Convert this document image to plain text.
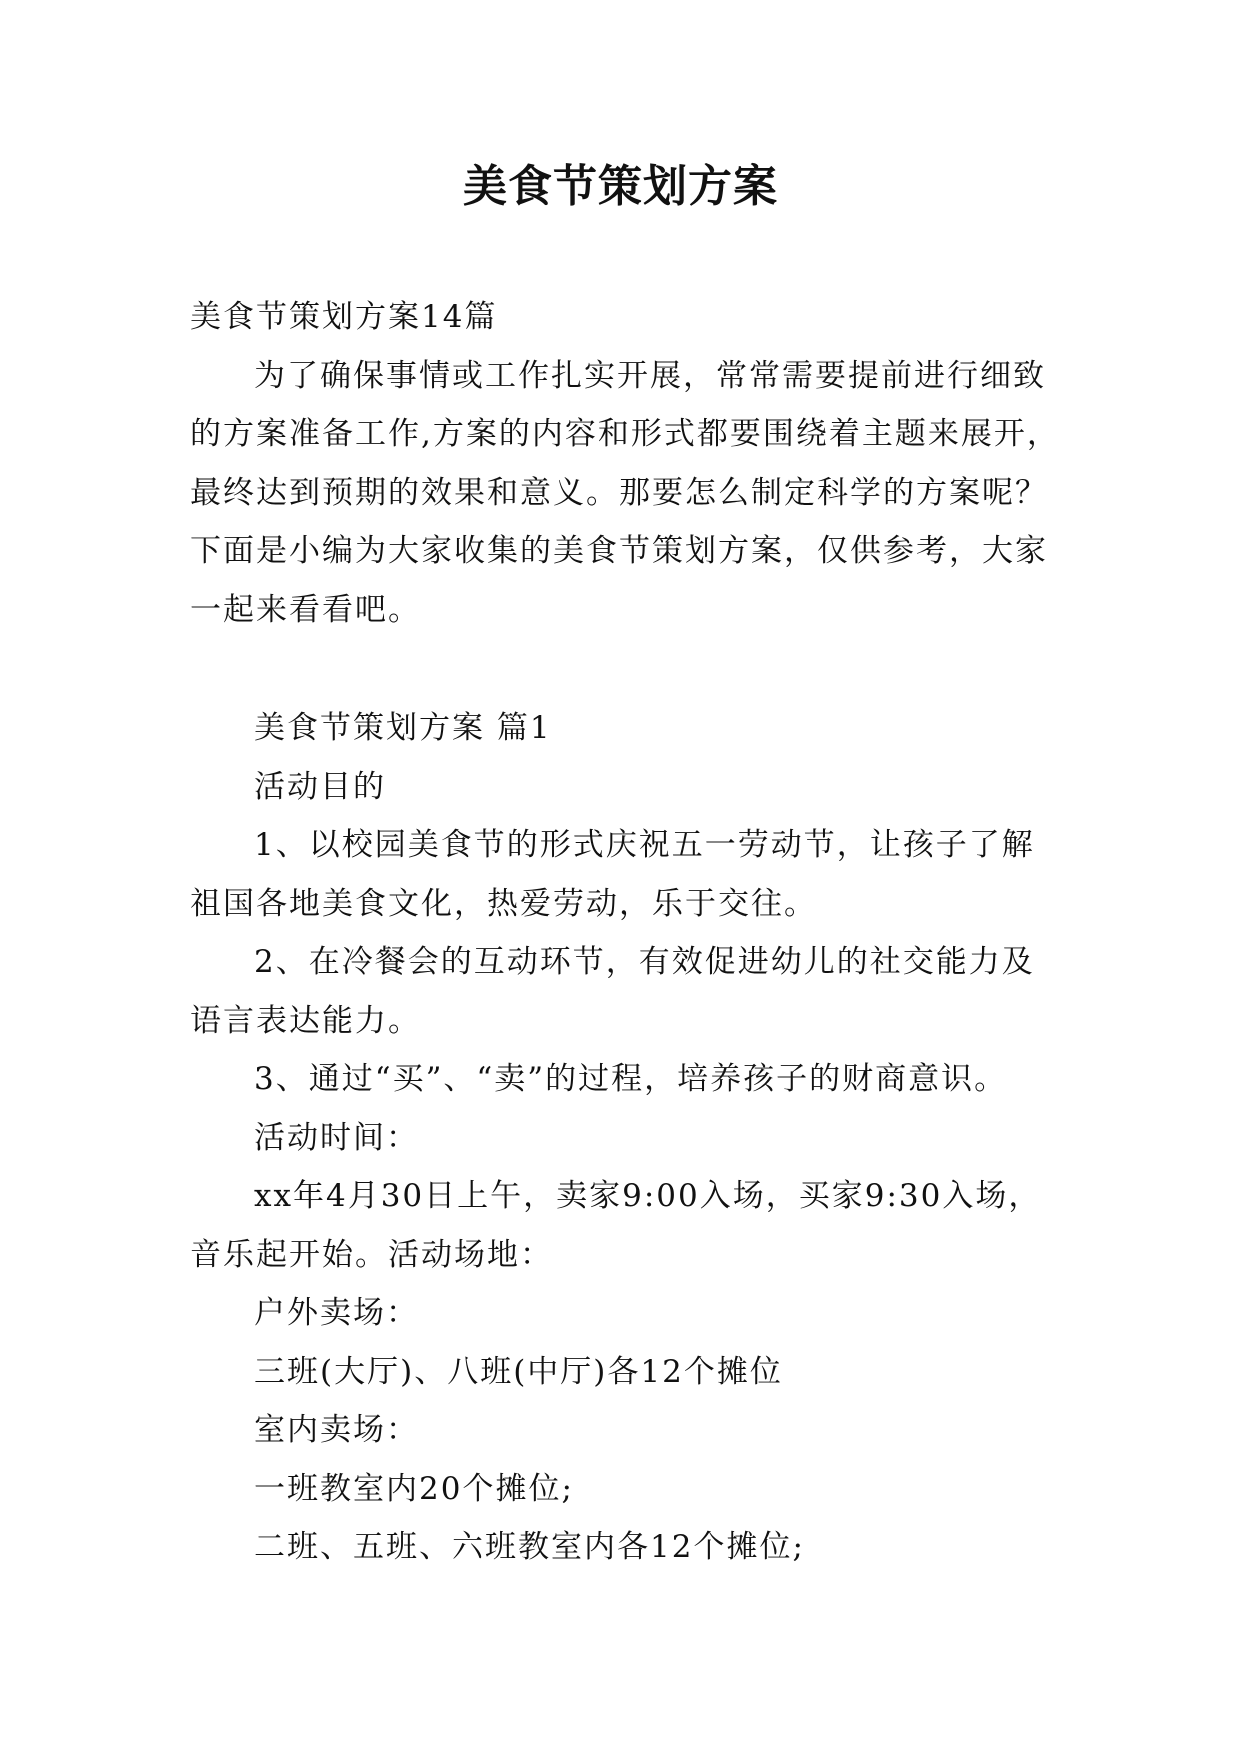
美食节策划方案

美食节策划方案14篇

为了确保事情或工作扎实开展，常常需要提前进行细致的方案准备工作,方案的内容和形式都要围绕着主题来展开，最终达到预期的效果和意义。那要怎么制定科学的方案呢？下面是小编为大家收集的美食节策划方案，仅供参考，大家一起来看看吧。

美食节策划方案 篇1

活动目的

1、以校园美食节的形式庆祝五一劳动节，让孩子了解祖国各地美食文化，热爱劳动，乐于交往。

2、在冷餐会的互动环节，有效促进幼儿的社交能力及语言表达能力。

3、通过“买”、“卖”的过程，培养孩子的财商意识。

活动时间：

xx年4月30日上午，卖家9:00入场，买家9:30入场，音乐起开始。活动场地：

户外卖场：

三班(大厅)、八班(中厅)各12个摊位

室内卖场：

一班教室内20个摊位;

二班、五班、六班教室内各12个摊位;
